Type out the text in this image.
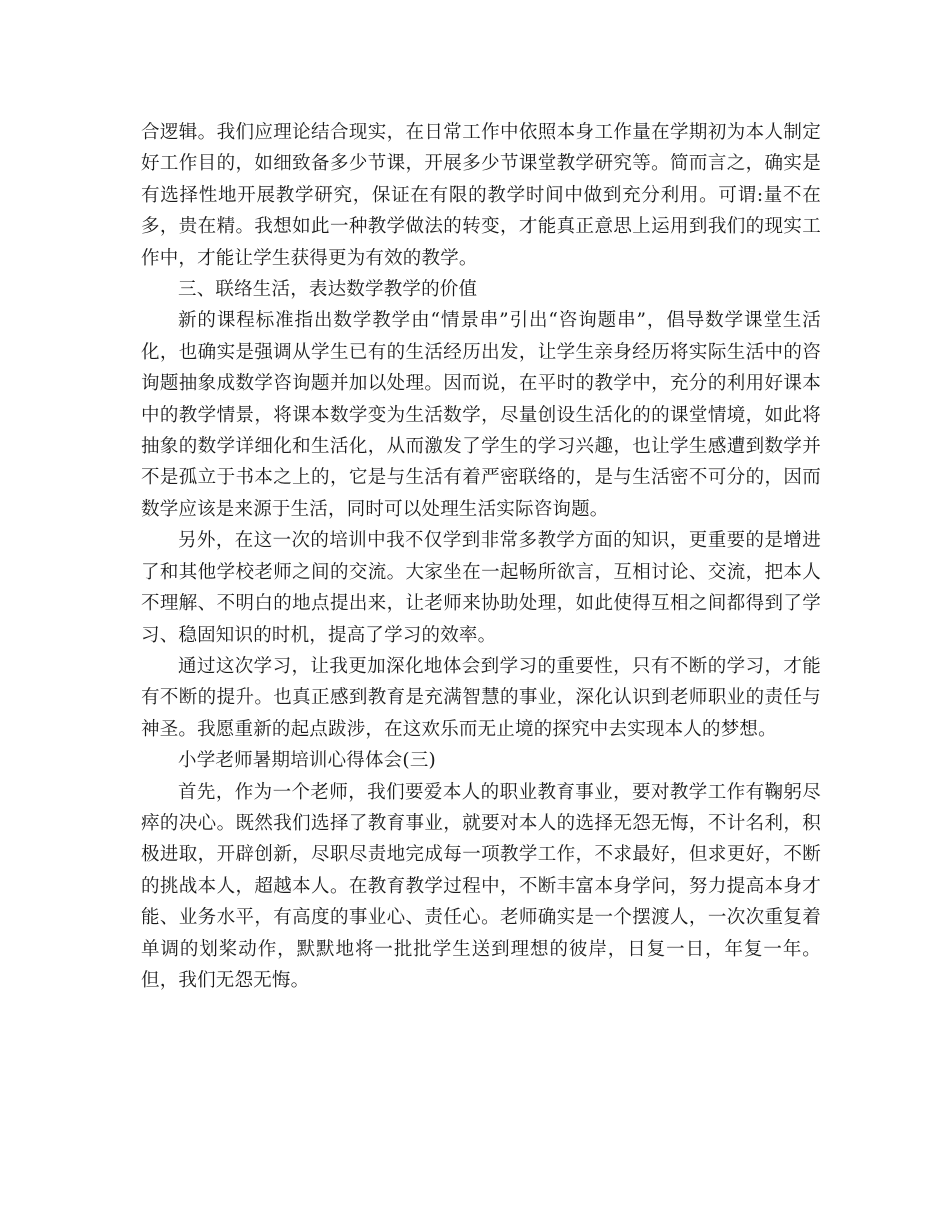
合逻辑。我们应理论结合现实，在日常工作中依照本身工作量在学期初为本人制定好工作目的，如细致备多少节课，开展多少节课堂教学研究等。简而言之，确实是有选择性地开展教学研究，保证在有限的教学时间中做到充分利用。可谓:量不在多，贵在精。我想如此一种教学做法的转变，才能真正意思上运用到我们的现实工作中，才能让学生获得更为有效的教学。

三、联络生活，表达数学教学的价值

新的课程标准指出数学教学由“情景串”引出“咨询题串”，倡导数学课堂生活化，也确实是强调从学生已有的生活经历出发，让学生亲身经历将实际生活中的咨询题抽象成数学咨询题并加以处理。因而说，在平时的教学中，充分的利用好课本中的教学情景，将课本数学变为生活数学，尽量创设生活化的的课堂情境，如此将抽象的数学详细化和生活化，从而激发了学生的学习兴趣，也让学生感遭到数学并不是孤立于书本之上的，它是与生活有着严密联络的，是与生活密不可分的，因而数学应该是来源于生活，同时可以处理生活实际咨询题。

另外，在这一次的培训中我不仅学到非常多教学方面的知识，更重要的是增进了和其他学校老师之间的交流。大家坐在一起畅所欲言，互相讨论、交流，把本人不理解、不明白的地点提出来，让老师来协助处理，如此使得互相之间都得到了学习、稳固知识的时机，提高了学习的效率。

通过这次学习，让我更加深化地体会到学习的重要性，只有不断的学习，才能有不断的提升。也真正感到教育是充满智慧的事业，深化认识到老师职业的责任与神圣。我愿重新的起点跋涉，在这欢乐而无止境的探究中去实现本人的梦想。

小学老师暑期培训心得体会(三)

首先，作为一个老师，我们要爱本人的职业教育事业，要对教学工作有鞠躬尽瘁的决心。既然我们选择了教育事业，就要对本人的选择无怨无悔，不计名利，积极进取，开辟创新，尽职尽责地完成每一项教学工作，不求最好，但求更好，不断的挑战本人，超越本人。在教育教学过程中，不断丰富本身学问，努力提高本身才能、业务水平，有高度的事业心、责任心。老师确实是一个摆渡人，一次次重复着单调的划桨动作，默默地将一批批学生送到理想的彼岸，日复一日，年复一年。但，我们无怨无悔。
